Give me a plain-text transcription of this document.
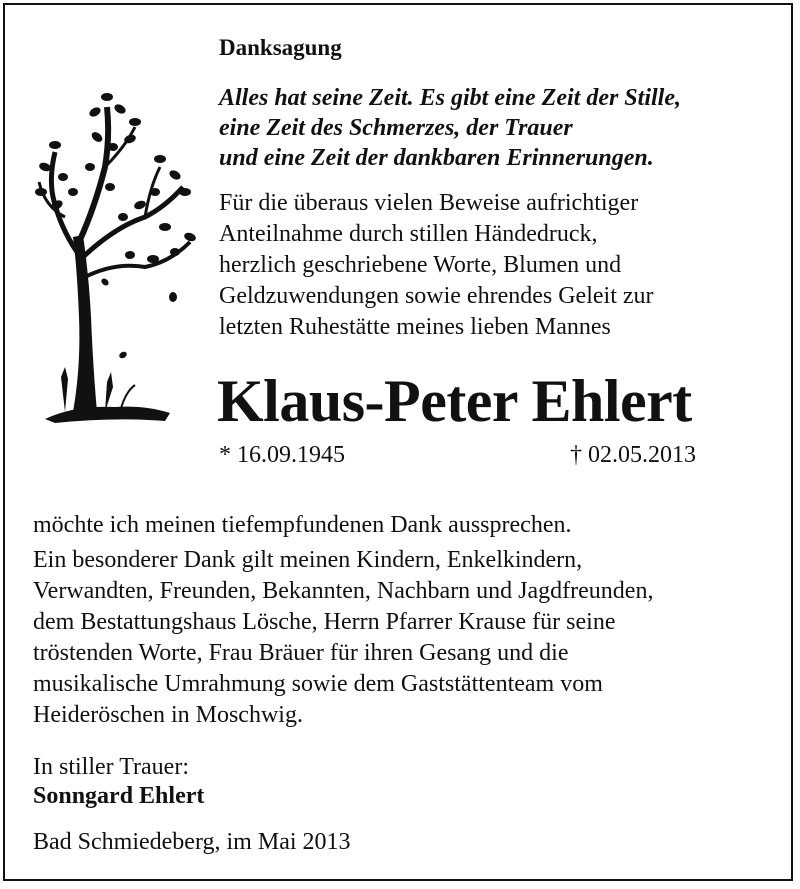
Danksagung
Alles hat seine Zeit. Es gibt eine Zeit der Stille,
eine Zeit des Schmerzes, der Trauer
und eine Zeit der dankbaren Erinnerungen.
Für die überaus vielen Beweise aufrichtiger
Anteilnahme durch stillen Händedruck,
herzlich geschriebene Worte, Blumen und
Geldzuwendungen sowie ehrendes Geleit zur
letzten Ruhestätte meines lieben Mannes
Klaus-Peter Ehlert
* 16.09.1945	† 02.05.2013
möchte ich meinen tiefempfundenen Dank aussprechen.
Ein besonderer Dank gilt meinen Kindern, Enkelkindern,
Verwandten, Freunden, Bekannten, Nachbarn und Jagdfreunden,
dem Bestattungshaus Lösche, Herrn Pfarrer Krause für seine
tröstenden Worte, Frau Bräuer für ihren Gesang und die
musikalische Umrahmung sowie dem Gaststättenteam vom
Heideröschen in Moschwig.
In stiller Trauer:
Sonngard Ehlert
Bad Schmiedeberg, im Mai 2013
